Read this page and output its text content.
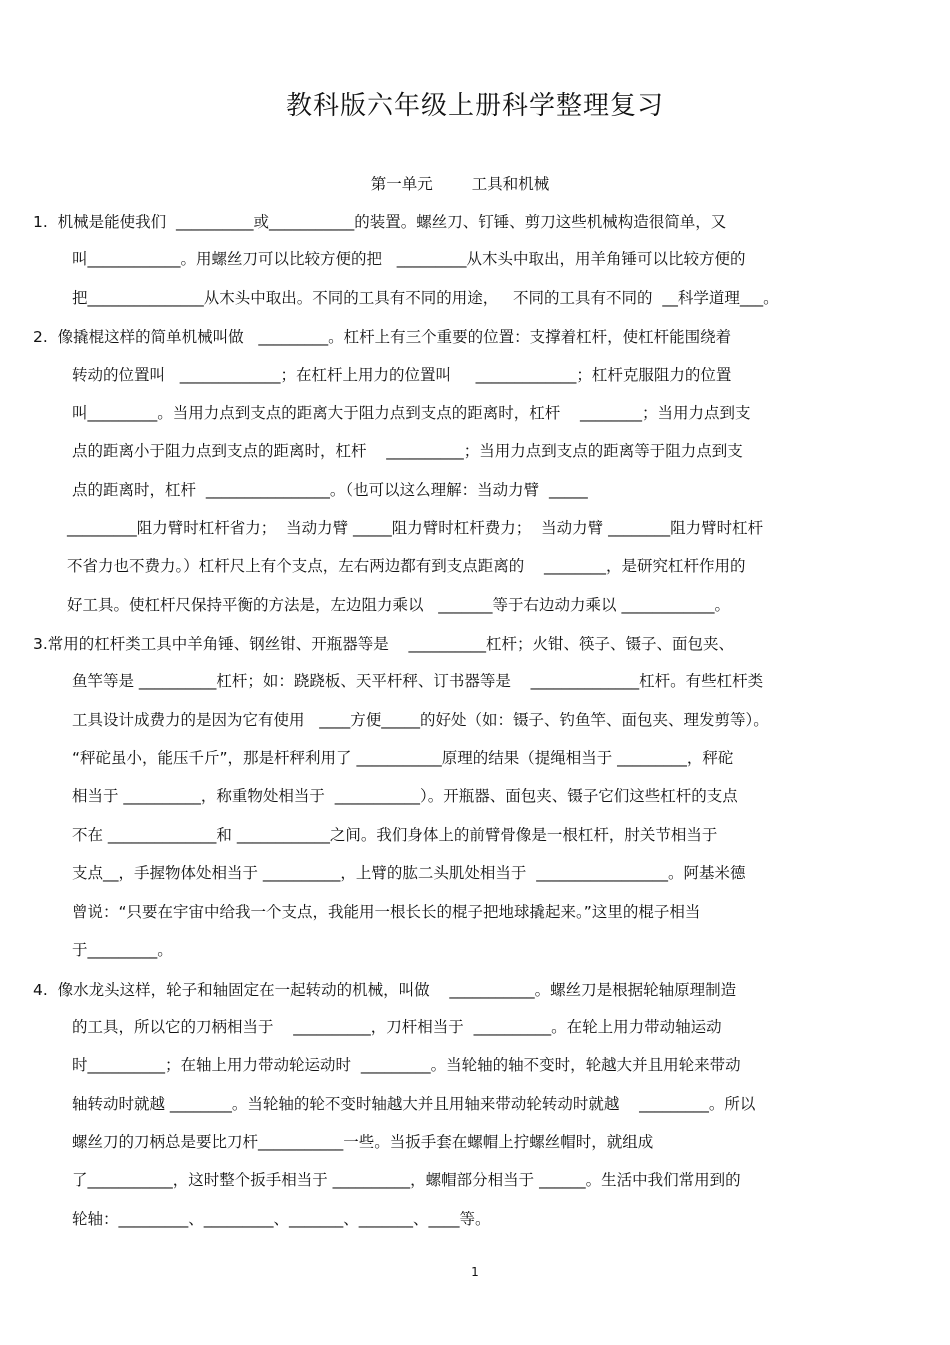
教科版六年级上册科学整理复习
第一单元	工具和机械
1.  机械是能使我们  __________或___________的装置。螺丝刀、钉锤、剪刀这些机械构造很简单，又
叫____________。用螺丝刀可以比较方便的把   _________从木头中取出，用羊角锤可以比较方便的
把_______________从木头中取出。不同的工具有不同的用途，   不同的工具有不同的  __科学道理___。
2.  像撬棍这样的简单机械叫做   _________。杠杆上有三个重要的位置：支撑着杠杆，使杠杆能围绕着
转动的位置叫   _____________；在杠杆上用力的位置叫     _____________；杠杆克服阻力的位置
叫_________。当用力点到支点的距离大于阻力点到支点的距离时，杠杆    ________；当用力点到支
点的距离小于阻力点到支点的距离时，杠杆    __________；当用力点到支点的距离等于阻力点到支
点的距离时，杠杆  ________________。（也可以这么理解：当动力臂  _____
_________阻力臂时杠杆省力；  当动力臂 _____阻力臂时杠杆费力；  当动力臂 ________阻力臂时杠杆
不省力也不费力。）杠杆尺上有个支点，左右两边都有到支点距离的    ________，是研究杠杆作用的
好工具。使杠杆尺保持平衡的方法是，左边阻力乘以   _______等于右边动力乘以 ____________。
3.常用的杠杆类工具中羊角锤、钢丝钳、开瓶器等是    __________杠杆；火钳、筷子、镊子、面包夹、
鱼竿等是 __________杠杆；如：跷跷板、天平杆秤、订书器等是    ______________杠杆。有些杠杆类
工具设计成费力的是因为它有使用   ____方便_____的好处（如：镊子、钓鱼竿、面包夹、理发剪等）。
“秤砣虽小，能压千斤”，那是杆秤利用了 ___________原理的结果（提绳相当于 _________，秤砣
相当于 __________，称重物处相当于  ___________）。开瓶器、面包夹、镊子它们这些杠杆的支点
不在 ______________和 ____________之间。我们身体上的前臂骨像是一根杠杆，肘关节相当于
支点__，手握物体处相当于 __________，上臂的肱二头肌处相当于  _________________。阿基米德
曾说：“只要在宇宙中给我一个支点，我能用一根长长的棍子把地球撬起来。”这里的棍子相当
于_________。
4.  像水龙头这样，轮子和轴固定在一起转动的机械，叫做    ___________。螺丝刀是根据轮轴原理制造
的工具，所以它的刀柄相当于    __________，刀杆相当于  __________。在轮上用力带动轴运动
时__________；在轴上用力带动轮运动时  _________。当轮轴的轴不变时，轮越大并且用轮来带动
轴转动时就越 ________。当轮轴的轮不变时轴越大并且用轴来带动轮转动时就越    _________。所以
螺丝刀的刀柄总是要比刀杆___________一些。当扳手套在螺帽上拧螺丝帽时，就组成
了___________，这时整个扳手相当于 __________，螺帽部分相当于 ______。生活中我们常用到的
轮轴：_________、_________、_______、_______、____等。
1
